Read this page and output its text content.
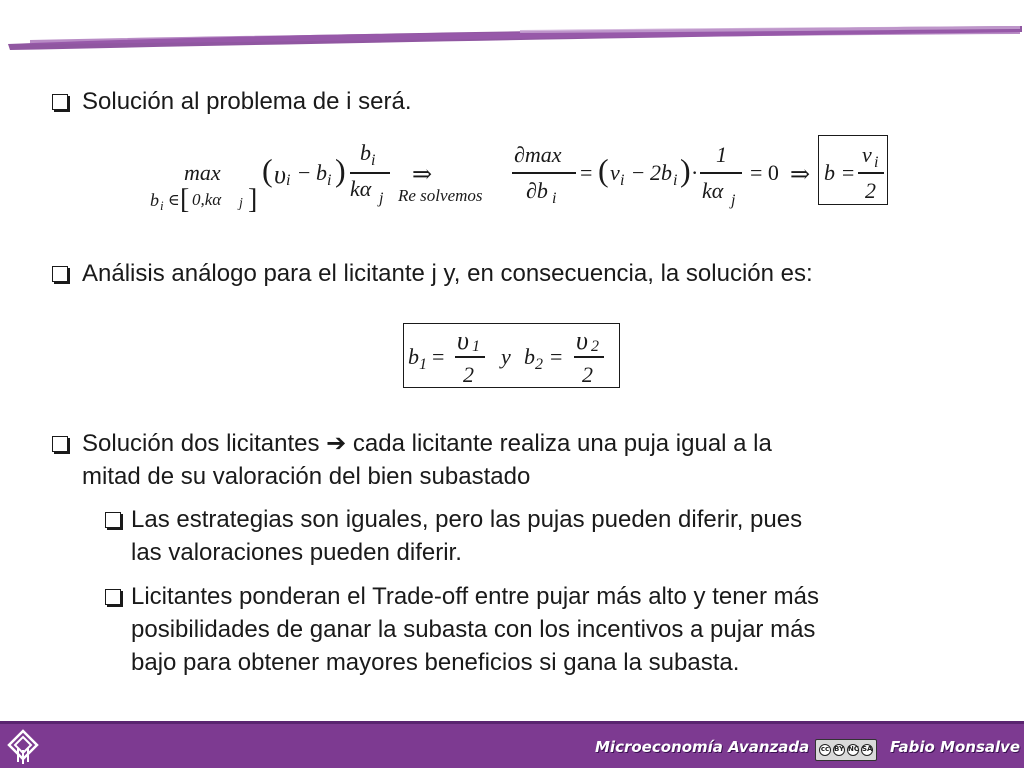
Solución al problema de i será.
max
b i ∈ [ 0,kα j ]
( υ i − b i ) b i
kα j
⇒
Re solvemos
∂max
∂b i
= ( v i − 2b i ) ·
1
kα j
= 0 ⇒ b =
v i
2
Análisis análogo para el licitante j y, en consecuencia, la solución es:
b 1 =
υ 1
2
y b 2 =
υ 2
2
Solución dos licitantes ➔ cada licitante realiza una puja igual a la
mitad de su valoración del bien subastado
Las estrategias son iguales, pero las pujas pueden diferir, pues
las valoraciones pueden diferir.
Licitantes ponderan el Trade-off entre pujar más alto y tener más
posibilidades de ganar la subasta con los incentivos a pujar más
bajo para obtener mayores beneficios si gana la subasta.
Microeconomía Avanzada cc BY NC SA Fabio Monsalve
